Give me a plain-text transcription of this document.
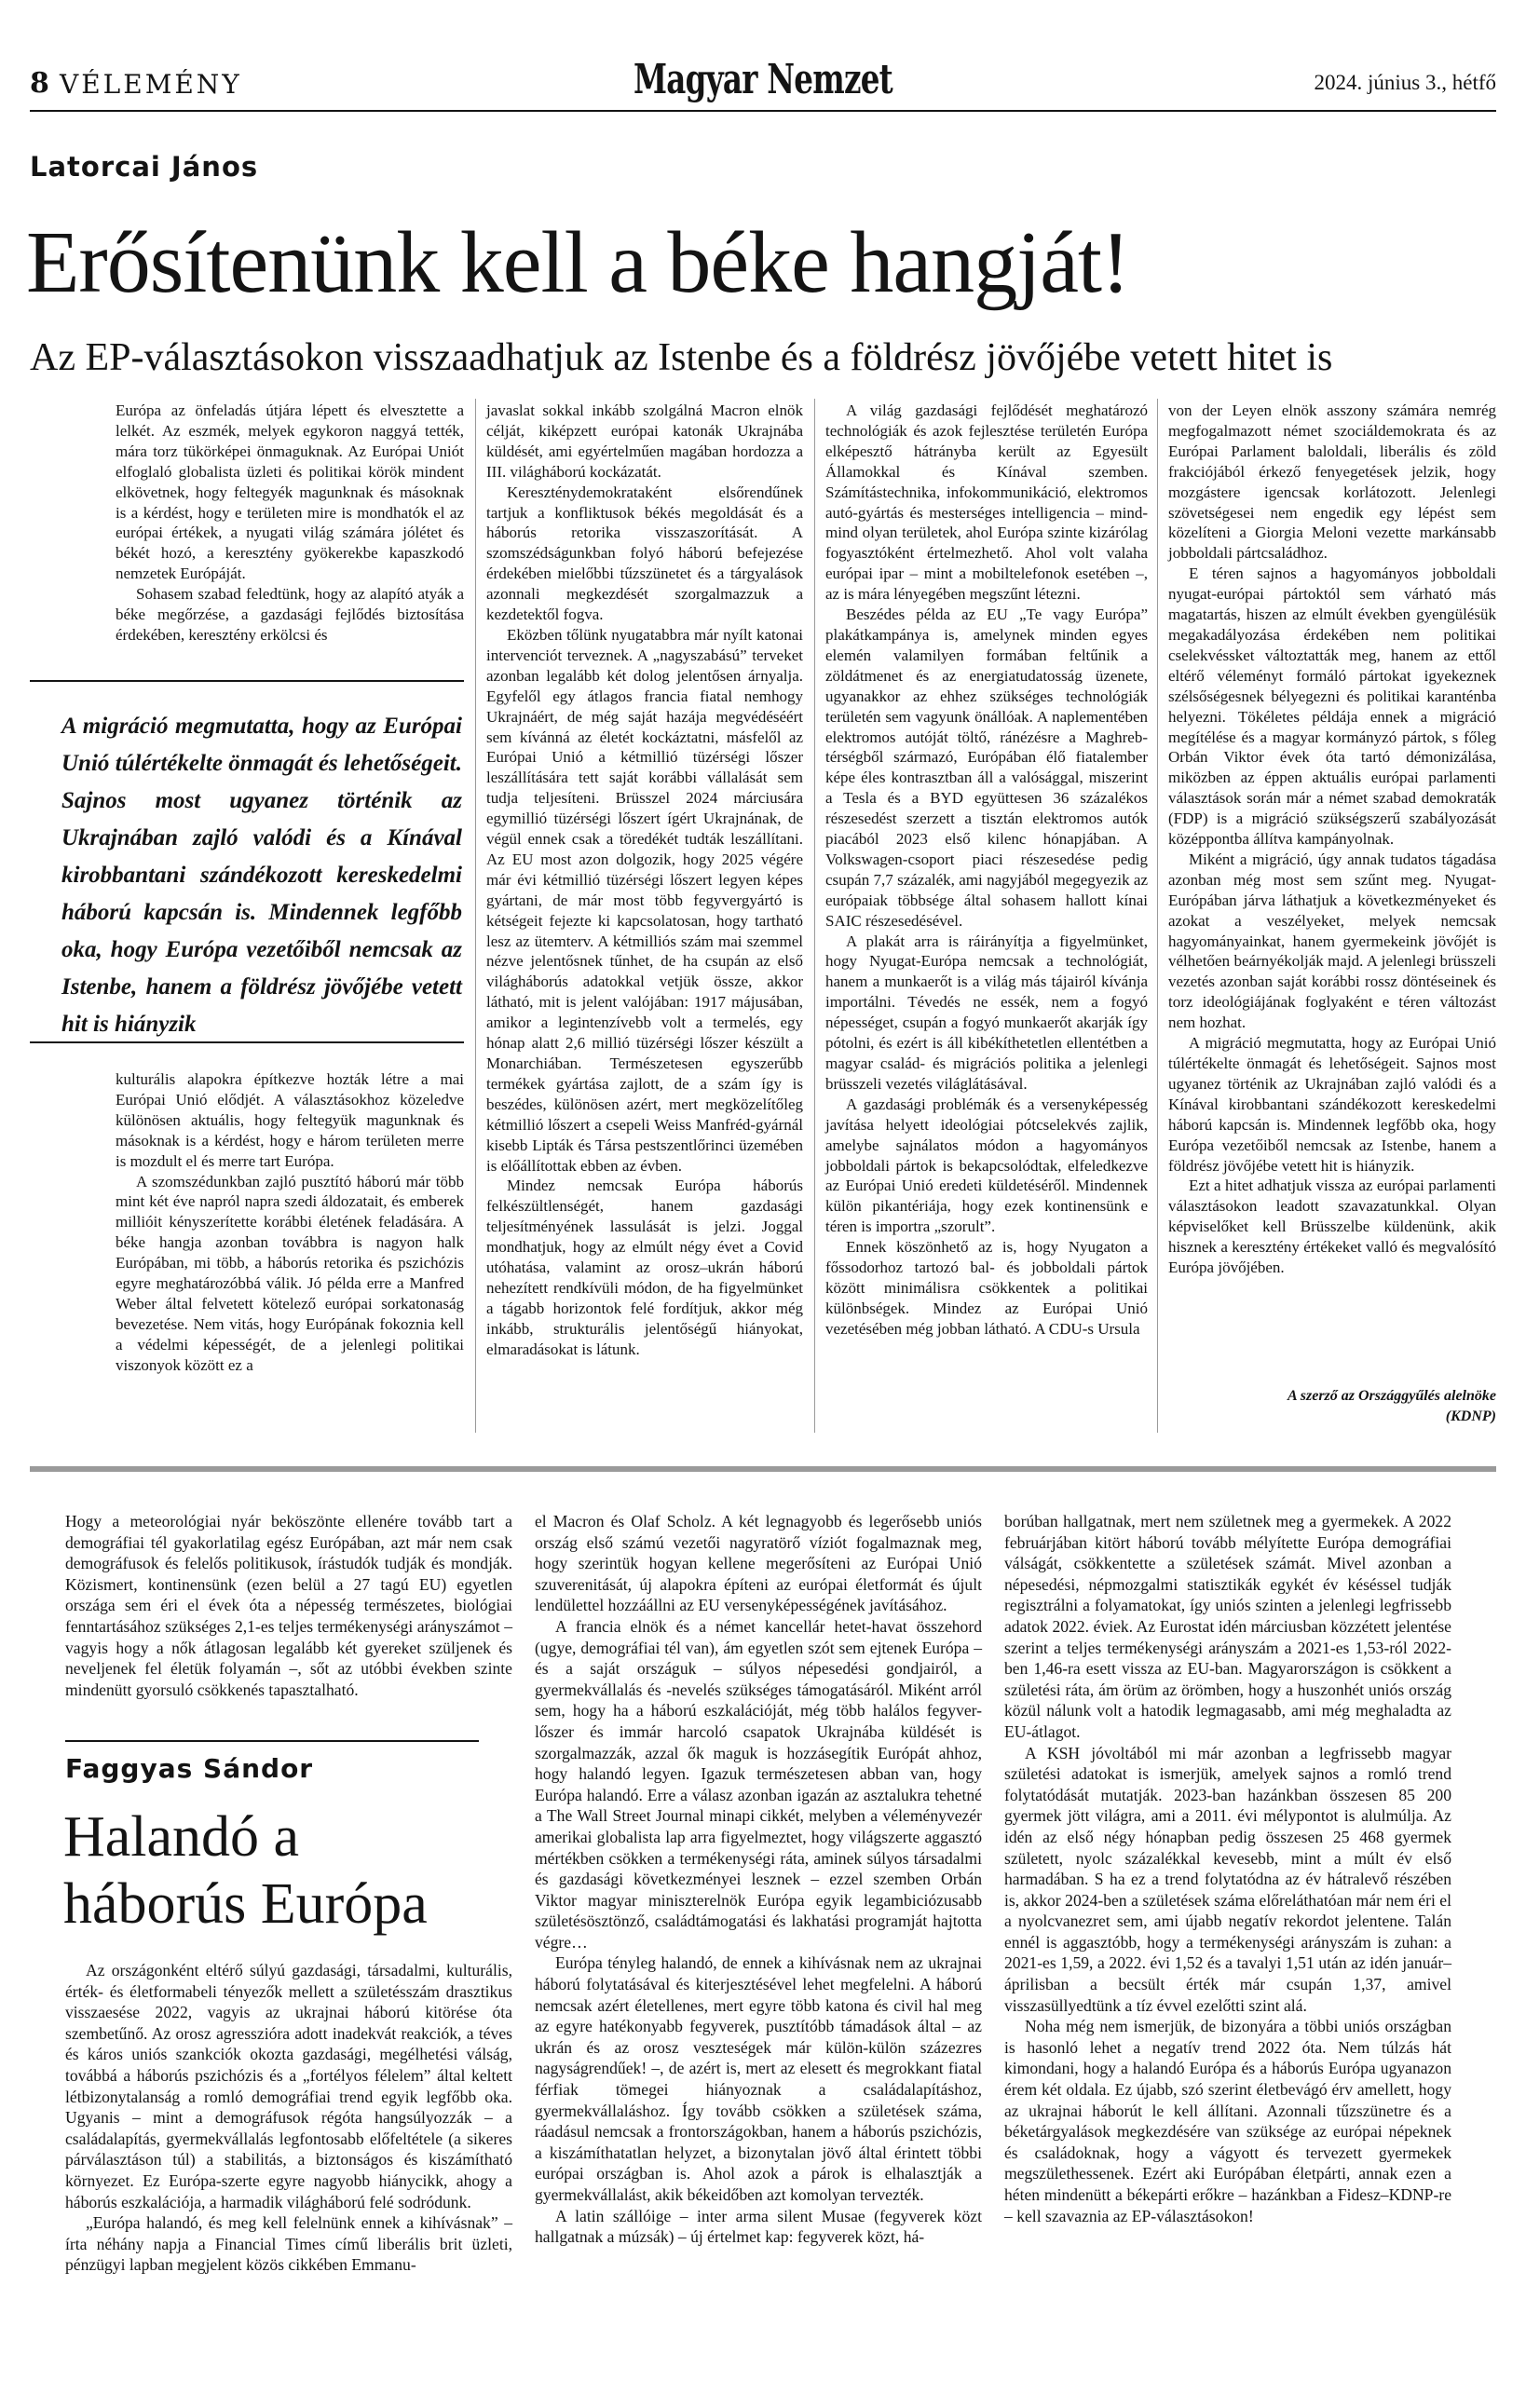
8 VÉLEMÉNY	Magyar Nemzet	2024. június 3., hétfő
Latorcai János
Erősítenünk kell a béke hangját!
Az EP-választásokon visszaadhatjuk az Istenbe és a földrész jövőjébe vetett hitet is

Európa az önfeladás útjára lépett és elvesztette a lelkét. Az eszmék, melyek egykoron naggyá tették, mára torz tükörképei önmaguknak. Az Európai Uniót elfoglaló globalista üzleti és politikai körök mindent elkövetnek, hogy feltegyék magunknak és másoknak is a kérdést, hogy e területen mire is mondhatók el az európai értékek, a nyugati világ számára jólétet és békét hozó, a keresztény gyökerekbe kapaszkodó nemzetek Európáját.

Sohasem szabad feledtünk, hogy az alapító atyák a béke megőrzése, a gazdasági fejlődés biztosítása érdekében, keresztény erkölcsi és

A migráció megmutatta, hogy az Európai Unió túlértékelte önmagát és lehetőségeit. Sajnos most ugyanez történik az Ukrajnában zajló valódi és a Kínával kirobbantani szándékozott kereskedelmi háború kapcsán is. Mindennek legfőbb oka, hogy Európa vezetőiből nemcsak az Istenbe, hanem a földrész jövőjébe vetett hit is hiányzik

kulturális alapokra építkezve hozták létre a mai Európai Unió elődjét. A választásokhoz közeledve különösen aktuális, hogy feltegyük magunknak és másoknak is a kérdést, hogy e három területen merre is mozdult el és merre tart Európa.

A szomszédunkban zajló pusztító háború már több mint két éve napról napra szedi áldozatait, és emberek millióit kényszerítette korábbi életének feladására. A béke hangja azonban továbbra is nagyon halk Európában, mi több, a háborús retorika és pszichózis egyre meghatározóbbá válik. Jó példa erre a Manfred Weber által felvetett kötelező európai sorkatonaság bevezetése. Nem vitás, hogy Európának fokoznia kell a védelmi képességét, de a jelenlegi politikai viszonyok között ez a

javaslat sokkal inkább szolgálná Macron elnök célját, kiképzett európai katonák Ukrajnába küldését, ami egyértelműen magában hordozza a III. világháború kockázatát.

Kereszténydemokrataként elsőrendűnek tartjuk a konfliktusok békés megoldását és a háborús retorika visszaszorítását. A szomszédságunkban folyó háború befejezése érdekében mielőbbi tűzszünetet és a tárgyalások azonnali megkezdését szorgalmazzuk a kezdetektől fogva.

Eközben tőlünk nyugatabbra már nyílt katonai intervenciót terveznek. A „nagyszabású” terveket azonban legalább két dolog jelentősen árnyalja. Egyfelől egy átlagos francia fiatal nemhogy Ukrajnáért, de még saját hazája megvédéséért sem kívánná az életét kockáztatni, másfelől az Európai Unió a kétmillió tüzérségi lőszer leszállítására tett saját korábbi vállalását sem tudja teljesíteni. Brüsszel 2024 márciusára egymillió tüzérségi lőszert ígért Ukrajnának, de végül ennek csak a töredékét tudták leszállítani. Az EU most azon dolgozik, hogy 2025 végére már évi kétmillió tüzérségi lőszert legyen képes gyártani, de már most több fegyvergyártó is kétségeit fejezte ki kapcsolatosan, hogy tartható lesz az ütemterv. A kétmilliós szám mai szemmel nézve jelentősnek tűnhet, de ha csupán az első világháborús adatokkal vetjük össze, akkor látható, mit is jelent valójában: 1917 májusában, amikor a legintenzívebb volt a termelés, egy hónap alatt 2,6 millió tüzérségi lőszer készült a Monarchiában. Természetesen egyszerűbb termékek gyártása zajlott, de a szám így is beszédes, különösen azért, mert megközelítőleg kétmillió lőszert a csepeli Weiss Manfréd-gyárnál kisebb Lipták és Társa pestszentlőrinci üzemében is előállítottak ebben az évben.

Mindez nemcsak Európa háborús felkészültlenségét, hanem gazdasági teljesítményének lassulását is jelzi. Joggal mondhatjuk, hogy az elmúlt négy évet a Covid utóhatása, valamint az orosz–ukrán háború nehezített rendkívüli módon, de ha figyelmünket a tágabb horizontok felé fordítjuk, akkor még inkább, strukturális jelentőségű hiányokat, elmaradásokat is látunk.

A világ gazdasági fejlődését meghatározó technológiák és azok fejlesztése területén Európa elképesztő hátrányba került az Egyesült Államokkal és Kínával szemben. Számítástechnika, infokommunikáció, elektromos autó-gyártás és mesterséges intelligencia – mind-mind olyan területek, ahol Európa szinte kizárólag fogyasztóként értelmezhető. Ahol volt valaha európai ipar – mint a mobiltelefonok esetében –, az is mára lényegében megszűnt létezni.

Beszédes példa az EU „Te vagy Európa” plakátkampánya is, amelynek minden egyes elemén valamilyen formában feltűnik a zöldátmenet és az energiatudatosság üzenete, ugyanakkor az ehhez szükséges technológiák területén sem vagyunk önállóak. A naplementében elektromos autóját töltő, ránézésre a Maghreb-térségből származó, Európában élő fiatalember képe éles kontrasztban áll a valósággal, miszerint a Tesla és a BYD együttesen 36 százalékos részesedést szerzett a tisztán elektromos autók piacából 2023 első kilenc hónapjában. A Volkswagen-csoport piaci részesedése pedig csupán 7,7 százalék, ami nagyjából megegyezik az európaiak többsége által sohasem hallott kínai SAIC részesedésével.

A plakát arra is ráirányítja a figyelmünket, hogy Nyugat-Európa nemcsak a technológiát, hanem a munkaerőt is a világ más tájairól kívánja importálni. Tévedés ne essék, nem a fogyó népességet, csupán a fogyó munkaerőt akarják így pótolni, és ezért is áll kibékíthetetlen ellentétben a magyar család- és migrációs politika a jelenlegi brüsszeli vezetés világlátásával.

A gazdasági problémák és a versenyképesség javítása helyett ideológiai pótcselekvés zajlik, amelybe sajnálatos módon a hagyományos jobboldali pártok is bekapcsolódtak, elfeledkezve az Európai Unió eredeti küldetéséről. Mindennek külön pikantériája, hogy ezek kontinensünk e téren is importra „szorult”.

Ennek köszönhető az is, hogy Nyugaton a főssodorhoz tartozó bal- és jobboldali pártok között minimálisra csökkentek a politikai különbségek. Mindez az Európai Unió vezetésében még jobban látható. A CDU-s Ursula

von der Leyen elnök asszony számára nemrég megfogalmazott német szociáldemokrata és az Európai Parlament baloldali, liberális és zöld frakciójából érkező fenyegetések jelzik, hogy mozgástere igencsak korlátozott. Jelenlegi szövetségesei nem engedik egy lépést sem közelíteni a Giorgia Meloni vezette markánsabb jobboldali pártcsaládhoz.

E téren sajnos a hagyományos jobboldali nyugat-európai pártoktól sem várható más magatartás, hiszen az elmúlt években gyengülésük megakadályozása érdekében nem politikai cselekvéssket változtatták meg, hanem az ettől eltérő véleményt formáló pártokat igyekeznek szélsőségesnek bélyegezni és politikai karanténba helyezni. Tökéletes példája ennek a migráció megítélése és a magyar kormányzó pártok, s főleg Orbán Viktor évek óta tartó démonizálása, miközben az éppen aktuális európai parlamenti választások során már a német szabad demokraták (FDP) is a migráció szükségszerű szabályozását középpontba állítva kampányolnak.

Miként a migráció, úgy annak tudatos tágadása azonban még most sem szűnt meg. Nyugat-Európában járva láthatjuk a következményeket és azokat a veszélyeket, melyek nemcsak hagyományainkat, hanem gyermekeink jövőjét is vélhetően beárnyékolják majd. A jelenlegi brüsszeli vezetés azonban saját korábbi rossz döntéseinek és torz ideológiájának foglyaként e téren változást nem hozhat.

A migráció megmutatta, hogy az Európai Unió túlértékelte önmagát és lehetőségeit. Sajnos most ugyanez történik az Ukrajnában zajló valódi és a Kínával kirobbantani szándékozott kereskedelmi háború kapcsán is. Mindennek legfőbb oka, hogy Európa vezetőiből nemcsak az Istenbe, hanem a földrész jövőjébe vetett hit is hiányzik.

Ezt a hitet adhatjuk vissza az európai parlamenti választásokon leadott szavazatunkkal. Olyan képviselőket kell Brüsszelbe küldenünk, akik hisznek a keresztény értékeket valló és megvalósító Európa jövőjében.

A szerző az Országgyűlés alelnöke
(KDNP)

Hogy a meteorológiai nyár beköszönte ellenére tovább tart a demográfiai tél gyakorlatilag egész Európában, azt már nem csak demográfusok és felelős politikusok, írástudók tudják és mondják. Közismert, kontinensünk (ezen belül a 27 tagú EU) egyetlen országa sem éri el évek óta a népesség természetes, biológiai fenntartásához szükséges 2,1-es teljes termékenységi arányszámot – vagyis hogy a nők átlagosan legalább két gyereket szüljenek és neveljenek fel életük folyamán –, sőt az utóbbi években szinte mindenütt gyorsuló csökkenés tapasztalható.

Faggyas Sándor
Halandó a háborús Európa

Az országonként eltérő súlyú gazdasági, társadalmi, kulturális, érték- és életformabeli tényezők mellett a születésszám drasztikus visszaesése 2022, vagyis az ukrajnai háború kitörése óta szembetűnő. Az orosz agresszióra adott inadekvát reakciók, a téves és káros uniós szankciók okozta gazdasági, megélhetési válság, továbbá a háborús pszichózis és a „fortélyos félelem” által keltett létbizonytalanság a romló demográfiai trend egyik legfőbb oka. Ugyanis – mint a demográfusok régóta hangsúlyozzák – a családalapítás, gyermekvállalás legfontosabb előfeltétele (a sikeres párválasztáson túl) a stabilitás, a biztonságos és kiszámítható környezet. Ez Európa-szerte egyre nagyobb hiánycikk, ahogy a háborús eszkalációja, a harmadik világháború felé sodródunk.

„Európa halandó, és meg kell felelnünk ennek a kihívásnak” – írta néhány napja a Financial Times című liberális brit üzleti, pénzügyi lapban megjelent közös cikkében Emmanu-

el Macron és Olaf Scholz. A két legnagyobb és legerősebb uniós ország első számú vezetői nagyratörő víziót fogalmaznak meg, hogy szerintük hogyan kellene megerősíteni az Európai Unió szuverenitását, új alapokra építeni az európai életformát és újult lendülettel hozzáállni az EU versenyképességének javításához.

A francia elnök és a német kancellár hetet-havat összehord (ugye, demográfiai tél van), ám egyetlen szót sem ejtenek Európa – és a saját országuk – súlyos népesedési gondjairól, a gyermekvállalás és -nevelés szükséges támogatásáról. Miként arról sem, hogy ha a háború eszkalációját, még több halálos fegyver-lőszer és immár harcoló csapatok Ukrajnába küldését is szorgalmazzák, azzal ők maguk is hozzásegítik Európát ahhoz, hogy halandó legyen. Igazuk természetesen abban van, hogy Európa halandó. Erre a válasz azonban igazán az asztalukra tehetné a The Wall Street Journal minapi cikkét, melyben a véleményvezér amerikai globalista lap arra figyelmeztet, hogy világszerte aggasztó mértékben csökken a termékenységi ráta, aminek súlyos társadalmi és gazdasági következményei lesznek – ezzel szemben Orbán Viktor magyar miniszterelnök Európa egyik legambiciózusabb születésösztönző, családtámogatási és lakhatási programját hajtotta végre…

Európa tényleg halandó, de ennek a kihívásnak nem az ukrajnai háború folytatásával és kiterjesztésével lehet megfelelni. A háború nemcsak azért életellenes, mert egyre több katona és civil hal meg az egyre hatékonyabb fegyverek, pusztítóbb támadások által – az ukrán és az orosz veszteségek már külön-külön százezres nagyságrendűek! –, de azért is, mert az elesett és megrokkant fiatal férfiak tömegei hiányoznak a családalapításhoz, gyermekvállaláshoz. Így tovább csökken a születések száma, ráadásul nemcsak a frontországokban, hanem a háborús pszichózis, a kiszámíthatatlan helyzet, a bizonytalan jövő által érintett többi európai országban is. Ahol azok a párok is elhalasztják a gyermekvállalást, akik békeidőben azt komolyan tervezték.

A latin szállóige – inter arma silent Musae (fegyverek közt hallgatnak a múzsák) – új értelmet kap: fegyverek közt, há-

borúban hallgatnak, mert nem születnek meg a gyermekek. A 2022 februárjában kitört háború tovább mélyítette Európa demográfiai válságát, csökkentette a születések számát. Mivel azonban a népesedési, népmozgalmi statisztikák egykét év késéssel tudják regisztrálni a folyamatokat, így uniós szinten a jelenlegi legfrissebb adatok 2022. éviek. Az Eurostat idén márciusban közzétett jelentése szerint a teljes termékenységi arányszám a 2021-es 1,53-ról 2022-ben 1,46-ra esett vissza az EU-ban. Magyarországon is csökkent a születési ráta, ám örüm az örömben, hogy a huszonhét uniós ország közül nálunk volt a hatodik legmagasabb, ami még meghaladta az EU-átlagot.

A KSH jóvoltából mi már azonban a legfrissebb magyar születési adatokat is ismerjük, amelyek sajnos a romló trend folytatódását mutatják. 2023-ban hazánkban összesen 85 200 gyermek jött világra, ami a 2011. évi mélypontot is alulmúlja. Az idén az első négy hónapban pedig összesen 25 468 gyermek született, nyolc százalékkal kevesebb, mint a múlt év első harmadában. S ha ez a trend folytatódna az év hátralevő részében is, akkor 2024-ben a születések száma előreláthatóan már nem éri el a nyolcvanezret sem, ami újabb negatív rekordot jelentene. Talán ennél is aggasztóbb, hogy a termékenységi arányszám is zuhan: a 2021-es 1,59, a 2022. évi 1,52 és a tavalyi 1,51 után az idén január–áprilisban a becsült érték már csupán 1,37, amivel visszasüllyedtünk a tíz évvel ezelőtti szint alá.

Noha még nem ismerjük, de bizonyára a többi uniós országban is hasonló lehet a negatív trend 2022 óta. Nem túlzás hát kimondani, hogy a halandó Európa és a háborús Európa ugyanazon érem két oldala. Ez újabb, szó szerint életbevágó érv amellett, hogy az ukrajnai háborút le kell állítani. Azonnali tűzszünetre és a béketárgyalások megkezdésére van szüksége az európai népeknek és családoknak, hogy a vágyott és tervezett gyermekek megszülethessenek. Ezért aki Európában életpárti, annak ezen a héten mindenütt a békepárti erőkre – hazánkban a Fidesz–KDNP-re – kell szavaznia az EP-választásokon!
